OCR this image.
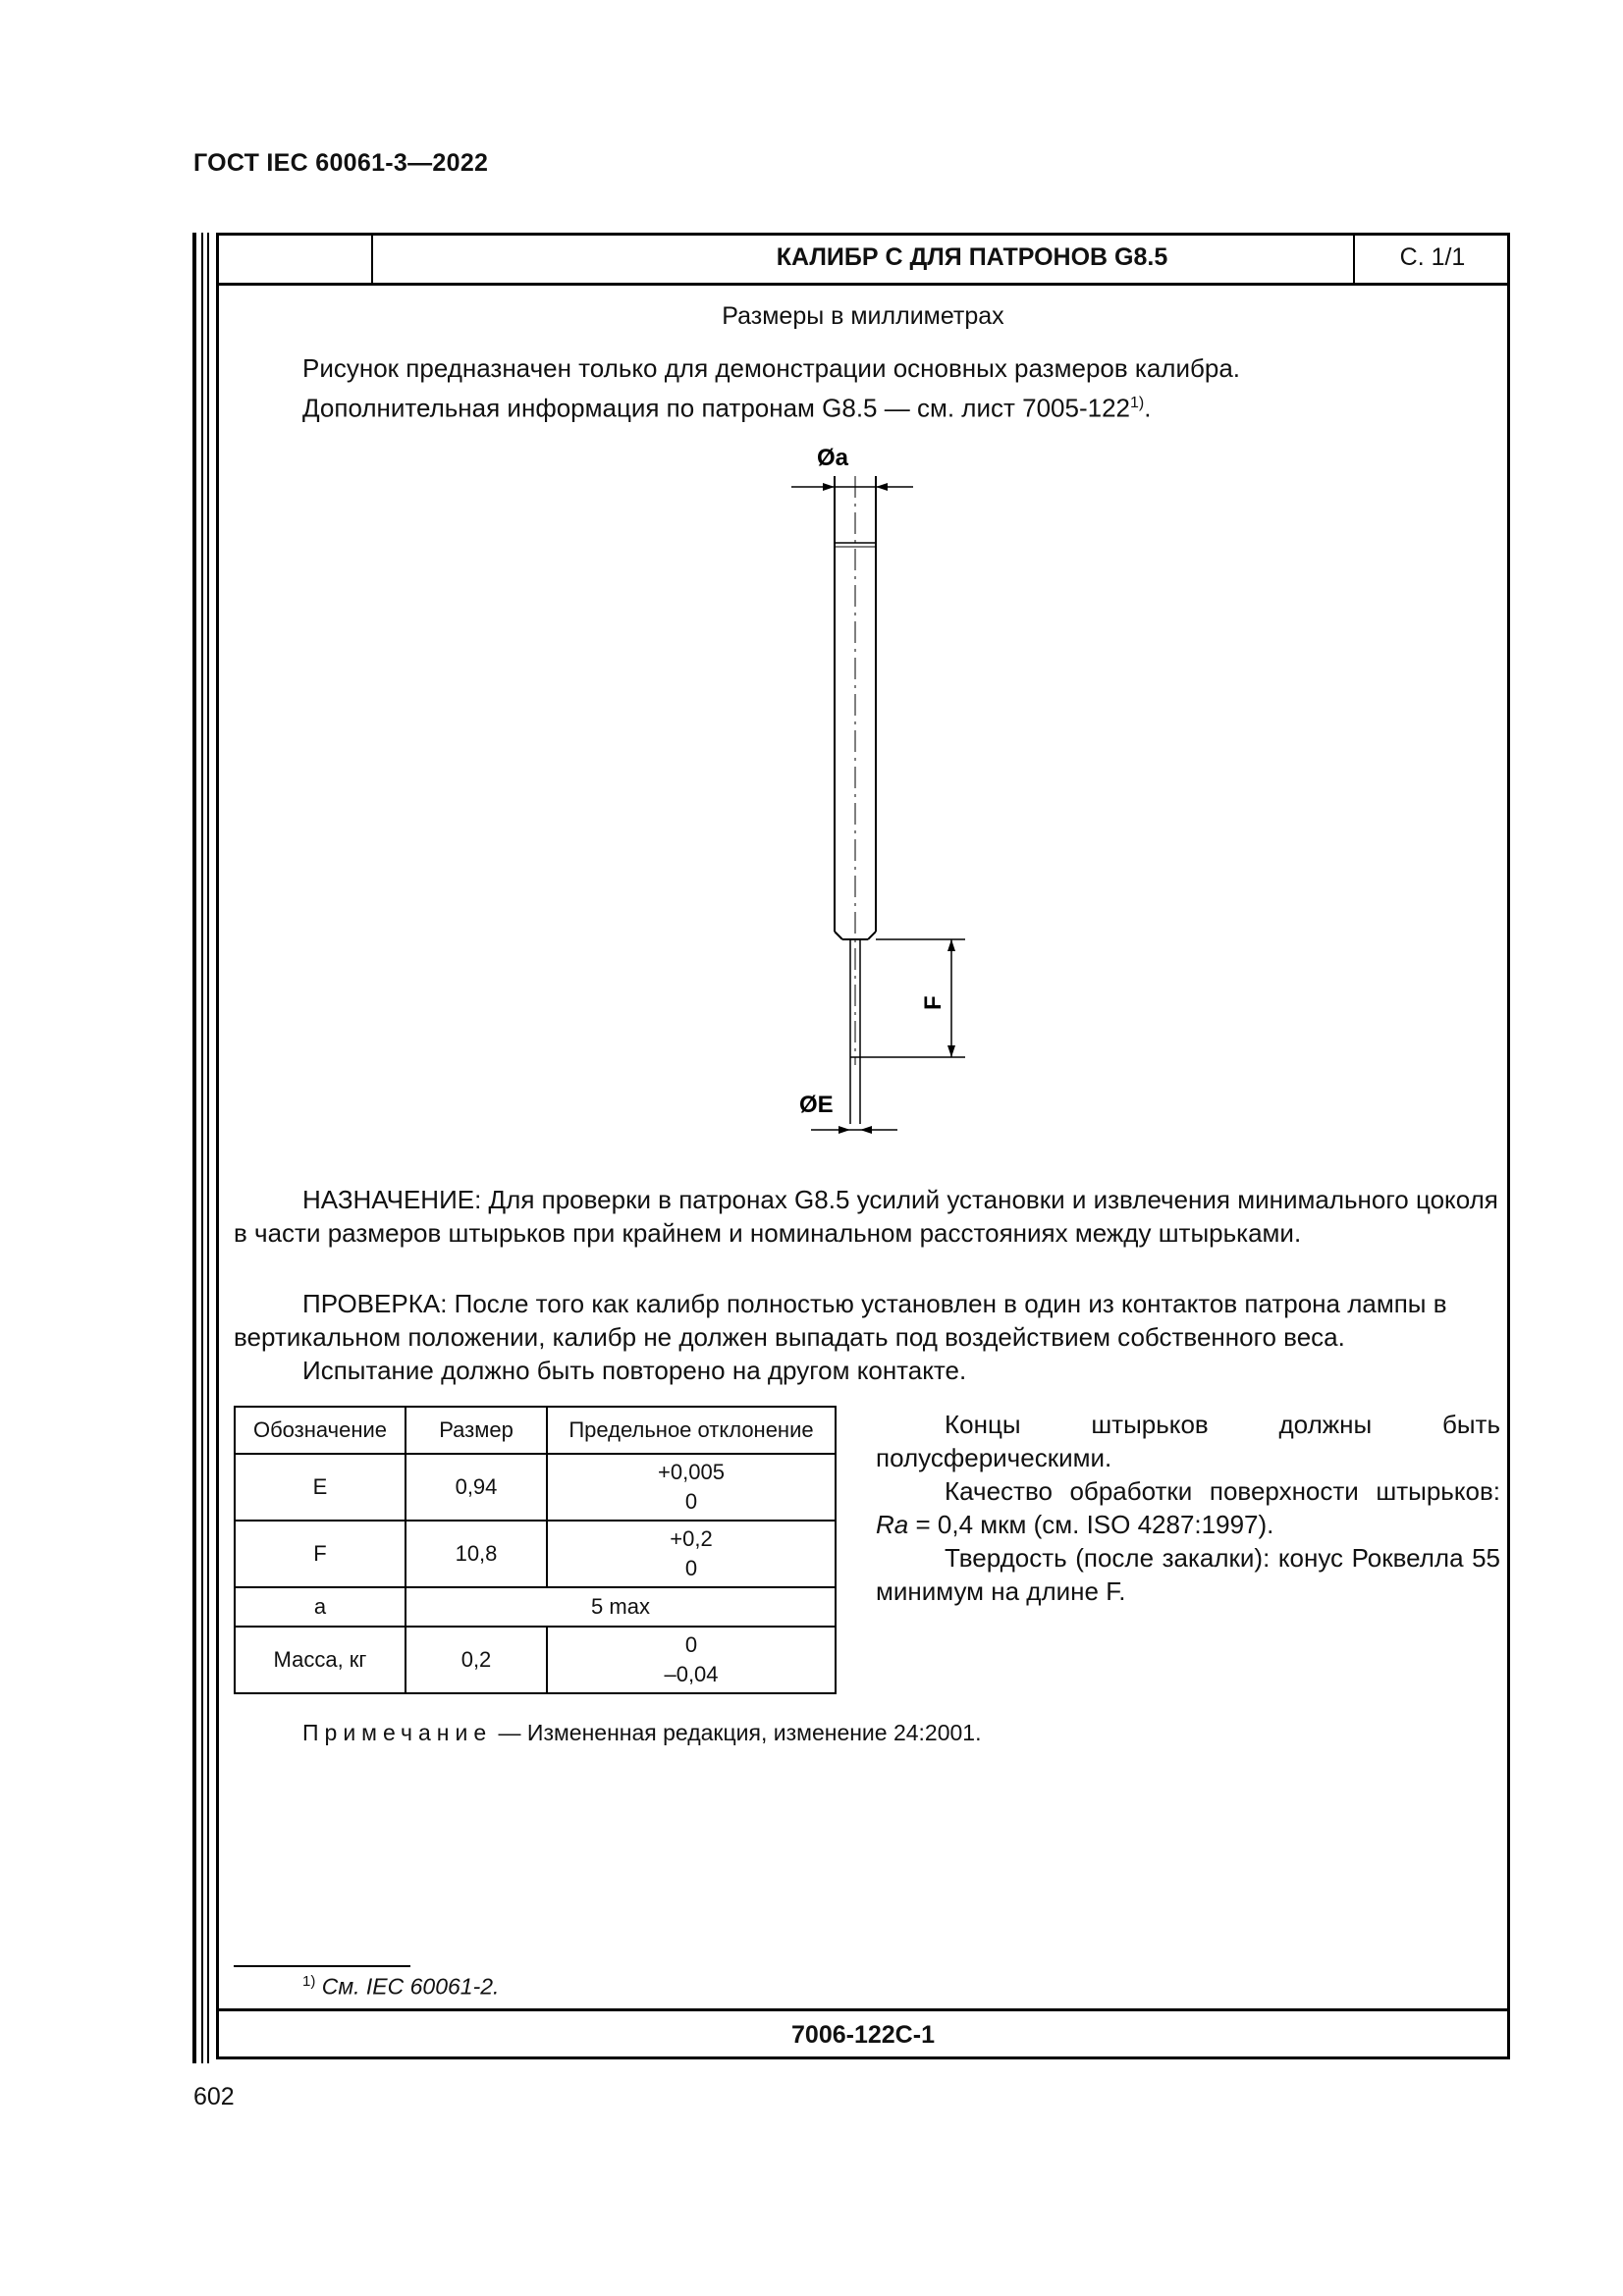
ГОСТ IEC 60061-3—2022
КАЛИБР С ДЛЯ ПАТРОНОВ G8.5	С. 1/1
Размеры в миллиметрах
Рисунок предназначен только для демонстрации основных размеров калибра.
Дополнительная информация по патронам G8.5 — см. лист 7005-122$^{1)}$.
Øa
F
ØE
НАЗНАЧЕНИЕ: Для проверки в патронах G8.5 усилий установки и извлечения минимального цоколя в части размеров штырьков при крайнем и номинальном расстояниях между штырьками.
ПРОВЕРКА: После того как калибр полностью установлен в один из контактов патрона лампы в вертикальном положении, калибр не должен выпадать под воздействием собственного веса.
Испытание должно быть повторено на другом контакте.
Обозначение	Размер	Предельное отклонение
E	0,94	+0,005
0

F	10,8	+0,2
0

a	5 max	
Масса, кг	0,2	0
–0,04

Концы штырьков должны быть полусферическими.

Качество обработки поверхности штырьков: Ra = 0,4 мкм (см. ISO 4287:1997).

Твердость (после закалки): конус Роквелла 55 минимум на длине F.

Примечание — Измененная редакция, изменение 24:2001.
$^{1)}$ См. IEC 60061-2.
7006-122C-1
602
